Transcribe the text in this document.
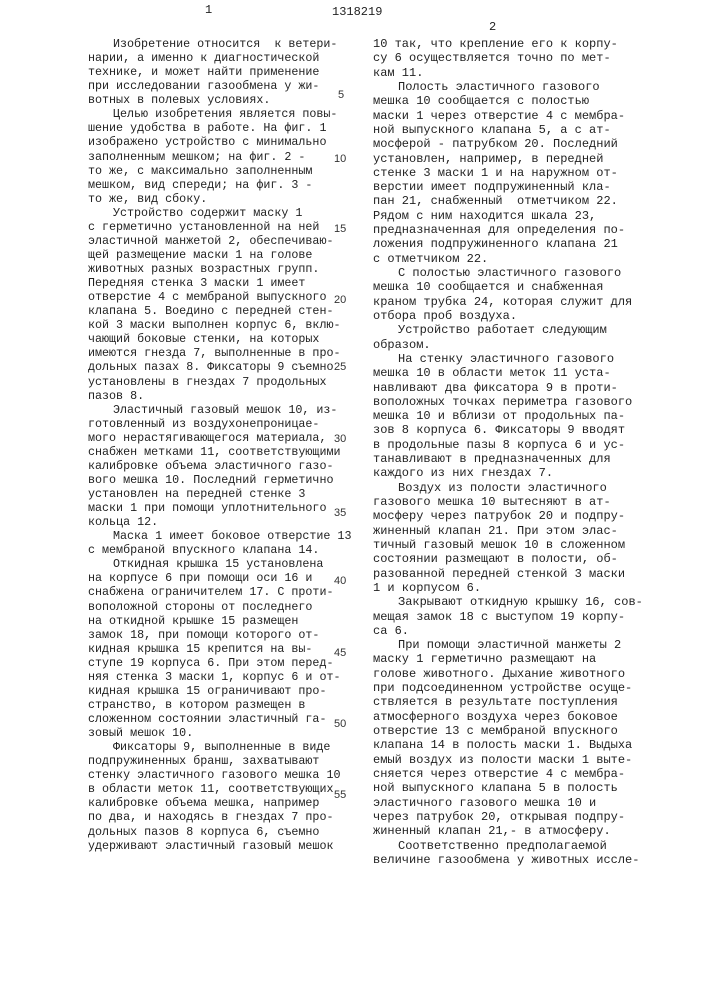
1	1318219
2
Изобретение относится  к ветери-
нарии, а именно к диагностической
технике, и может найти применение
при исследовании газообмена у жи-
вотных в полевых условиях.
Целью изобретения является повы-
шение удобства в работе. На фиг. 1
изображено устройство с минимально
заполненным мешком; на фиг. 2 -
то же, с максимально заполненным
мешком, вид спереди; на фиг. 3 -
то же, вид сбоку.
Устройство содержит маску 1
с герметично установленной на ней
эластичной манжетой 2, обеспечиваю-
щей размещение маски 1 на голове
животных разных возрастных групп.
Передняя стенка 3 маски 1 имеет
отверстие 4 с мембраной выпускного
клапана 5. Воедино с передней стен-
кой 3 маски выполнен корпус 6, вклю-
чающий боковые стенки, на которых
имеются гнезда 7, выполненные в про-
дольных пазах 8. Фиксаторы 9 съемно
установлены в гнездах 7 продольных
пазов 8.
Эластичный газовый мешок 10, из-
готовленный из воздухонепроницае-
мого нерастягивающегося материала,
снабжен метками 11, соответствующими
калибровке объема эластичного газо-
вого мешка 10. Последний герметично
установлен на передней стенке 3
маски 1 при помощи уплотнительного
кольца 12.
Маска 1 имеет боковое отверстие 13
с мембраной впускного клапана 14.
Откидная крышка 15 установлена
на корпусе 6 при помощи оси 16 и
снабжена ограничителем 17. С проти-
воположной стороны от последнего
на откидной крышке 15 размещен
замок 18, при помощи которого от-
кидная крышка 15 крепится на вы-
ступе 19 корпуса 6. При этом перед-
няя стенка 3 маски 1, корпус 6 и от-
кидная крышка 15 ограничивают про-
странство, в котором размещен в
сложенном состоянии эластичный га-
зовый мешок 10.
Фиксаторы 9, выполненные в виде
подпружиненных бранш, захватывают
стенку эластичного газового мешка 10
в области меток 11, соответствующих
калибровке объема мешка, например
по два, и находясь в гнездах 7 про-
дольных пазов 8 корпуса 6, съемно
удерживают эластичный газовый мешок
10 так, что крепление его к корпу-
су 6 осуществляется точно по мет-
кам 11.
Полость эластичного газового
мешка 10 сообщается с полостью
маски 1 через отверстие 4 с мембра-
ной выпускного клапана 5, а с ат-
мосферой - патрубком 20. Последний
установлен, например, в передней
стенке 3 маски 1 и на наружном от-
верстии имеет подпружиненный кла-
пан 21, снабженный  отметчиком 22.
Рядом с ним находится шкала 23,
предназначенная для определения по-
ложения подпружиненного клапана 21
с отметчиком 22.
С полостью эластичного газового
мешка 10 сообщается и снабженная
краном трубка 24, которая служит для
отбора проб воздуха.
Устройство работает следующим
образом.
На стенку эластичного газового
мешка 10 в области меток 11 уста-
навливают два фиксатора 9 в проти-
воположных точках периметра газового
мешка 10 и вблизи от продольных па-
зов 8 корпуса 6. Фиксаторы 9 вводят
в продольные пазы 8 корпуса 6 и ус-
танавливают в предназначенных для
каждого из них гнездах 7.
Воздух из полости эластичного
газового мешка 10 вытесняют в ат-
мосферу через патрубок 20 и подпру-
жиненный клапан 21. При этом элас-
тичный газовый мешок 10 в сложенном
состоянии размещают в полости, об-
разованной передней стенкой 3 маски
1 и корпусом 6.
Закрывают откидную крышку 16, сов-
мещая замок 18 с выступом 19 корпу-
са 6.
При помощи эластичной манжеты 2
маску 1 герметично размещают на
голове животного. Дыхание животного
при подсоединенном устройстве осуще-
ствляется в результате поступления
атмосферного воздуха через боковое
отверстие 13 с мембраной впускного
клапана 14 в полость маски 1. Выдыха
емый воздух из полости маски 1 выте-
сняется через отверстие 4 с мембра-
ной выпускного клапана 5 в полость
эластичного газового мешка 10 и
через патрубок 20, открывая подпру-
жиненный клапан 21,- в атмосферу.
Соответственно предполагаемой
величине газообмена у животных иссле-
5
10
15
20
25
30
35
40
45
50
55
